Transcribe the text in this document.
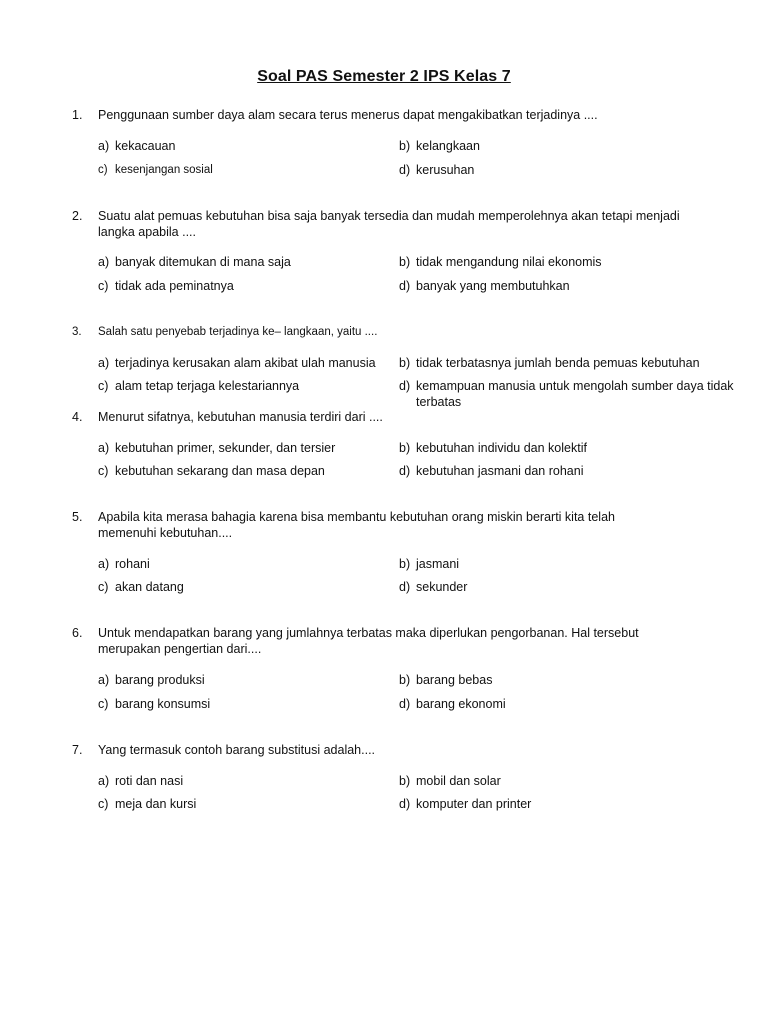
Soal PAS Semester 2 IPS Kelas 7
1.	Penggunaan sumber daya alam secara terus menerus dapat mengakibatkan terjadinya ....
a) kekacauan	b) kelangkaan
c) kesenjangan sosial	d) kerusuhan
2.	Suatu alat pemuas kebutuhan bisa saja banyak tersedia dan mudah memperolehnya akan tetapi menjadi langka apabila ....
a) banyak ditemukan di mana saja	b) tidak mengandung nilai ekonomis
c) tidak ada peminatnya	d) banyak yang membutuhkan
3.	Salah satu penyebab terjadinya ke– langkaan, yaitu ....
a) terjadinya kerusakan alam akibat ulah manusia b) tidak terbatasnya jumlah benda pemuas kebutuhan
c) alam tetap terjaga kelestariannya	d) kemampuan manusia untuk mengolah sumber daya tidak terbatas
4.	Menurut sifatnya, kebutuhan manusia terdiri dari ....
a) kebutuhan primer, sekunder, dan tersier	b) kebutuhan individu dan kolektif
c) kebutuhan sekarang dan masa depan	d) kebutuhan jasmani dan rohani
5.	Apabila kita merasa bahagia karena bisa membantu kebutuhan orang miskin berarti kita telah memenuhi kebutuhan....
a) rohani	b) jasmani
c) akan datang	d) sekunder
6.	Untuk mendapatkan barang yang jumlahnya terbatas maka diperlukan pengorbanan. Hal tersebut merupakan pengertian dari....
a) barang produksi	b) barang bebas
c) barang konsumsi	d) barang ekonomi
7.	Yang termasuk contoh barang substitusi adalah....
a) roti dan nasi	b) mobil dan solar
c) meja dan kursi	d) komputer dan printer
